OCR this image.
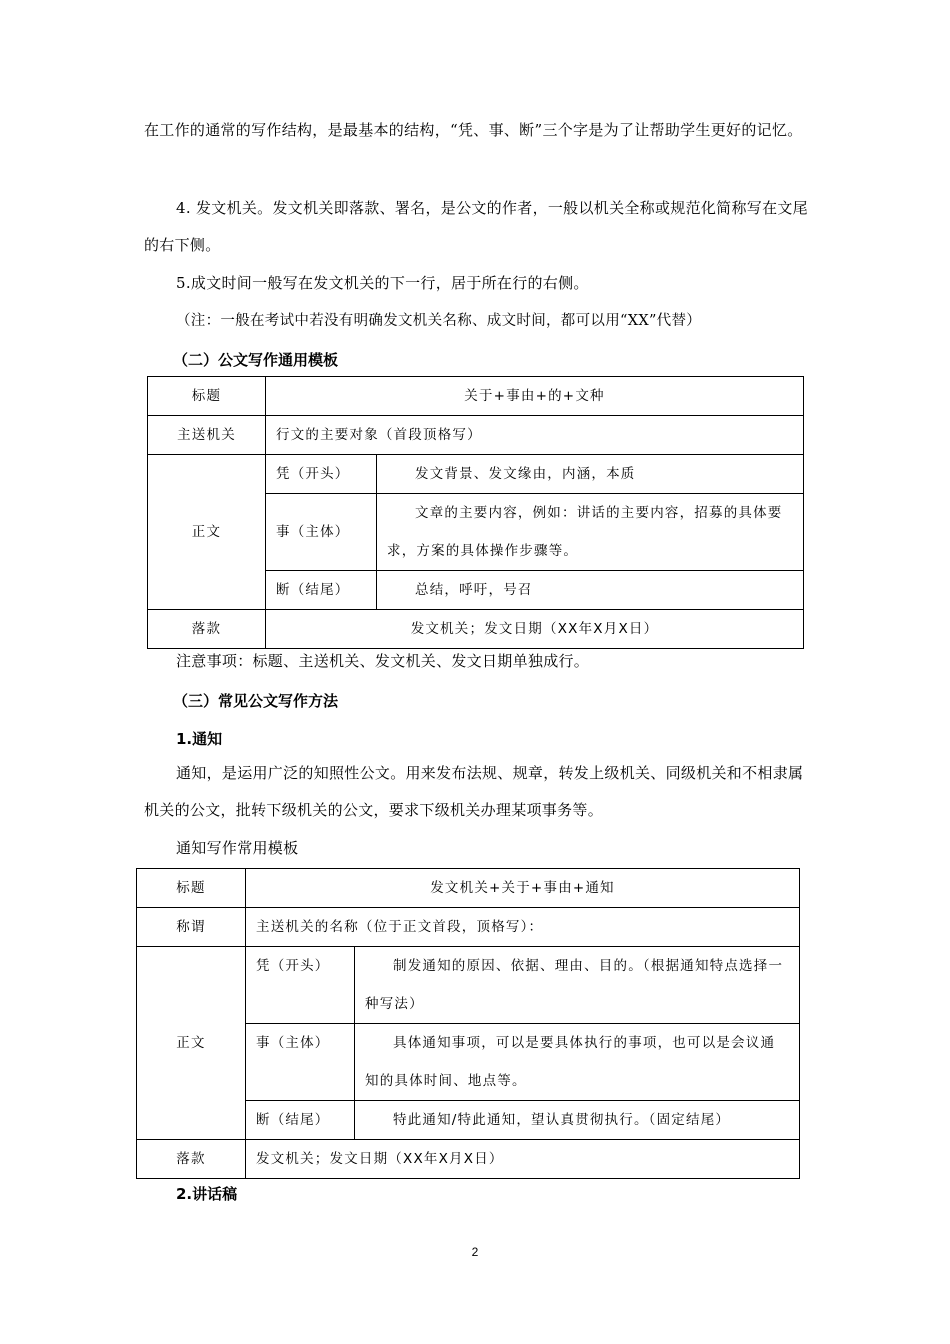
在工作的通常的写作结构，是最基本的结构，“凭、事、断”三个字是为了让帮助学生更好的记忆。

4. 发文机关。发文机关即落款、署名，是公文的作者，一般以机关全称或规范化简称写在文尾的右下侧。

5.成文时间一般写在发文机关的下一行，居于所在行的右侧。

（注：一般在考试中若没有明确发文机关名称、成文时间，都可以用“XX”代替）

（二）公文写作通用模板

标题	关于+事由+的+文种	
主送机关	行文的主要对象（首段顶格写）	
正文	凭（开头）	发文背景、发文缘由，内涵，本质
	事（主体）	文章的主要内容，例如：讲话的主要内容，招募的具体要求，方案的具体操作步骤等。
	断（结尾）	总结，呼吁，号召
落款	发文机关；发文日期（XX年X月X日）	

注意事项：标题、主送机关、发文机关、发文日期单独成行。

（三）常见公文写作方法

1.通知

通知，是运用广泛的知照性公文。用来发布法规、规章，转发上级机关、同级机关和不相隶属机关的公文，批转下级机关的公文，要求下级机关办理某项事务等。

通知写作常用模板

标题	发文机关+关于+事由+通知	
称谓	主送机关的名称（位于正文首段，顶格写）：	
正文	凭（开头）	制发通知的原因、依据、理由、目的。（根据通知特点选择一种写法）
	事（主体）	具体通知事项，可以是要具体执行的事项，也可以是会议通知的具体时间、地点等。
	断（结尾）	特此通知/特此通知，望认真贯彻执行。（固定结尾）
落款	发文机关；发文日期（XX年X月X日）	

2.讲话稿

2
